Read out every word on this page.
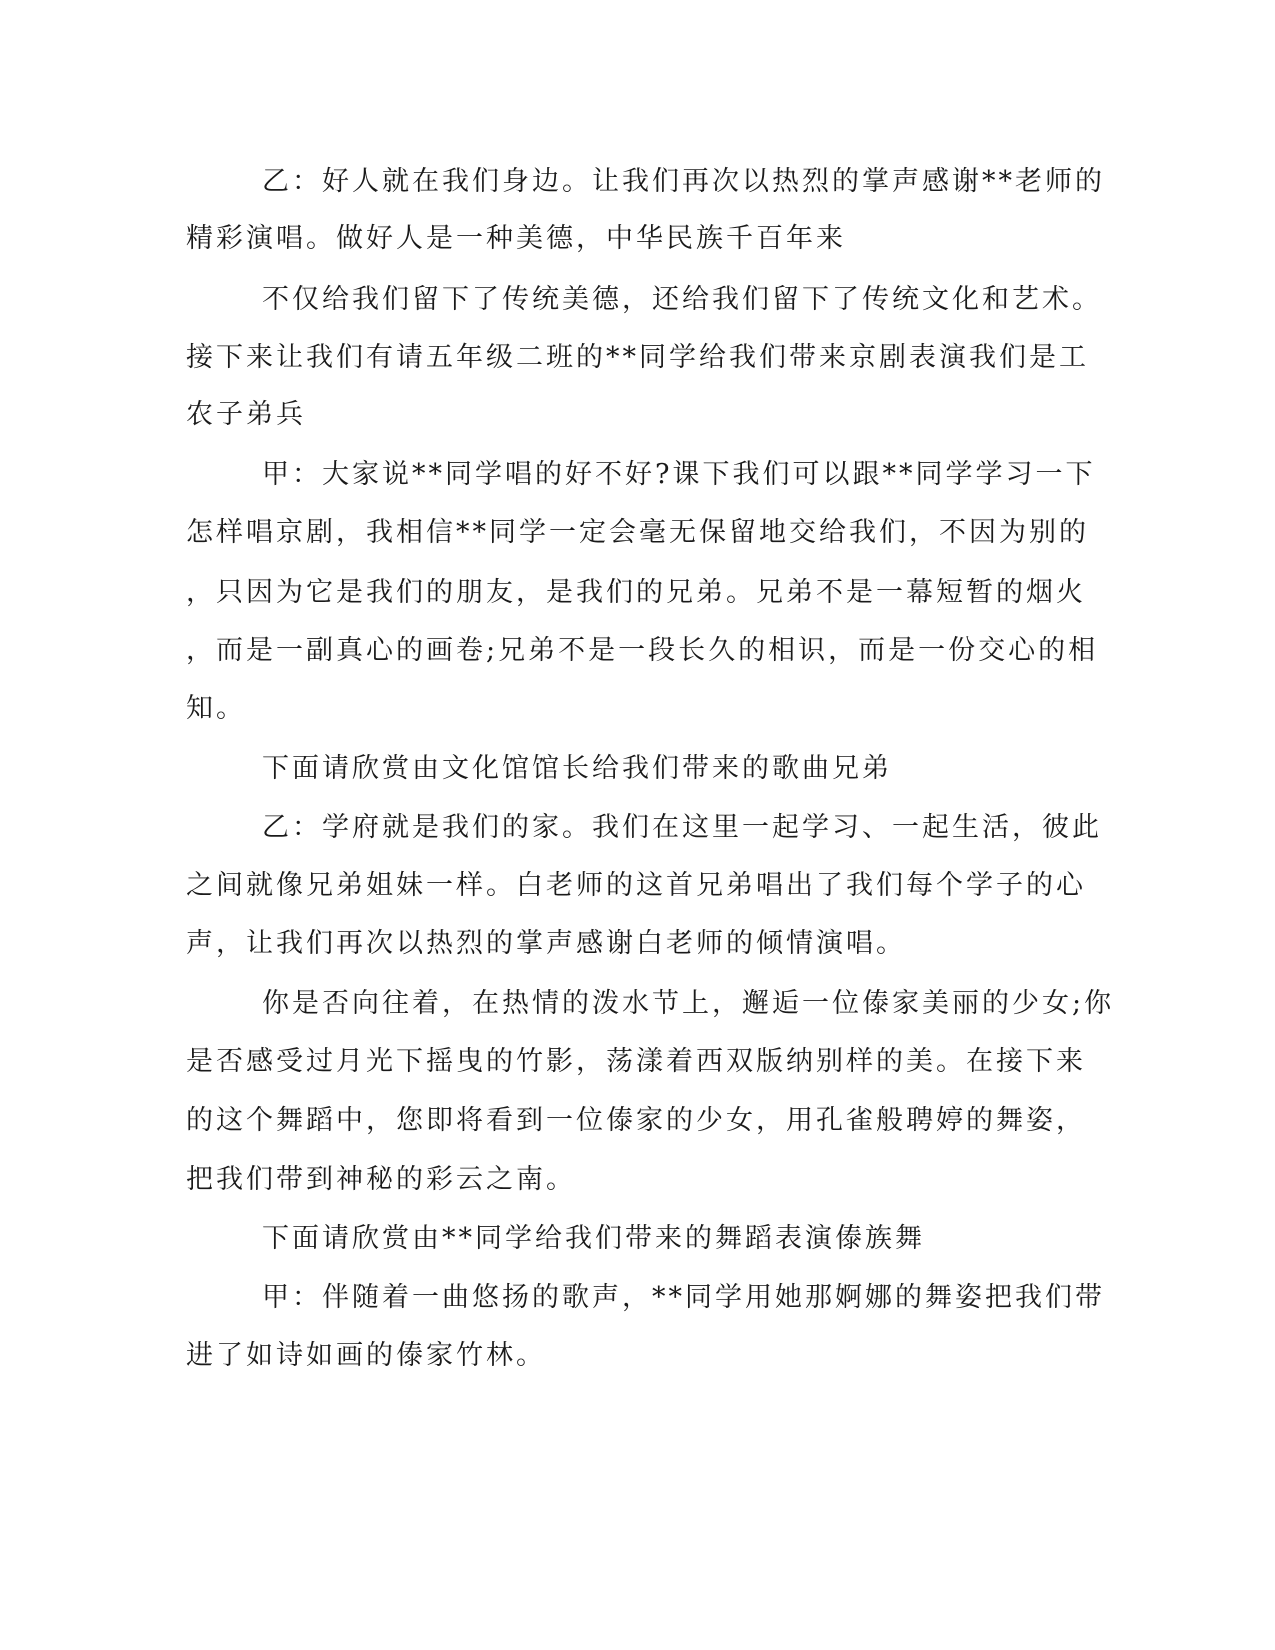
乙：好人就在我们身边。让我们再次以热烈的掌声感谢**老师的

精彩演唱。做好人是一种美德，中华民族千百年来

不仅给我们留下了传统美德，还给我们留下了传统文化和艺术。

接下来让我们有请五年级二班的**同学给我们带来京剧表演我们是工

农子弟兵

甲：大家说**同学唱的好不好?课下我们可以跟**同学学习一下

怎样唱京剧，我相信**同学一定会毫无保留地交给我们，不因为别的

，只因为它是我们的朋友，是我们的兄弟。兄弟不是一幕短暂的烟火

，而是一副真心的画卷;兄弟不是一段长久的相识，而是一份交心的相

知。

下面请欣赏由文化馆馆长给我们带来的歌曲兄弟

乙：学府就是我们的家。我们在这里一起学习、一起生活，彼此

之间就像兄弟姐妹一样。白老师的这首兄弟唱出了我们每个学子的心

声，让我们再次以热烈的掌声感谢白老师的倾情演唱。

你是否向往着，在热情的泼水节上，邂逅一位傣家美丽的少女;你

是否感受过月光下摇曳的竹影，荡漾着西双版纳别样的美。在接下来

的这个舞蹈中，您即将看到一位傣家的少女，用孔雀般聘婷的舞姿，

把我们带到神秘的彩云之南。

下面请欣赏由**同学给我们带来的舞蹈表演傣族舞

甲：伴随着一曲悠扬的歌声，**同学用她那婀娜的舞姿把我们带

进了如诗如画的傣家竹林。
